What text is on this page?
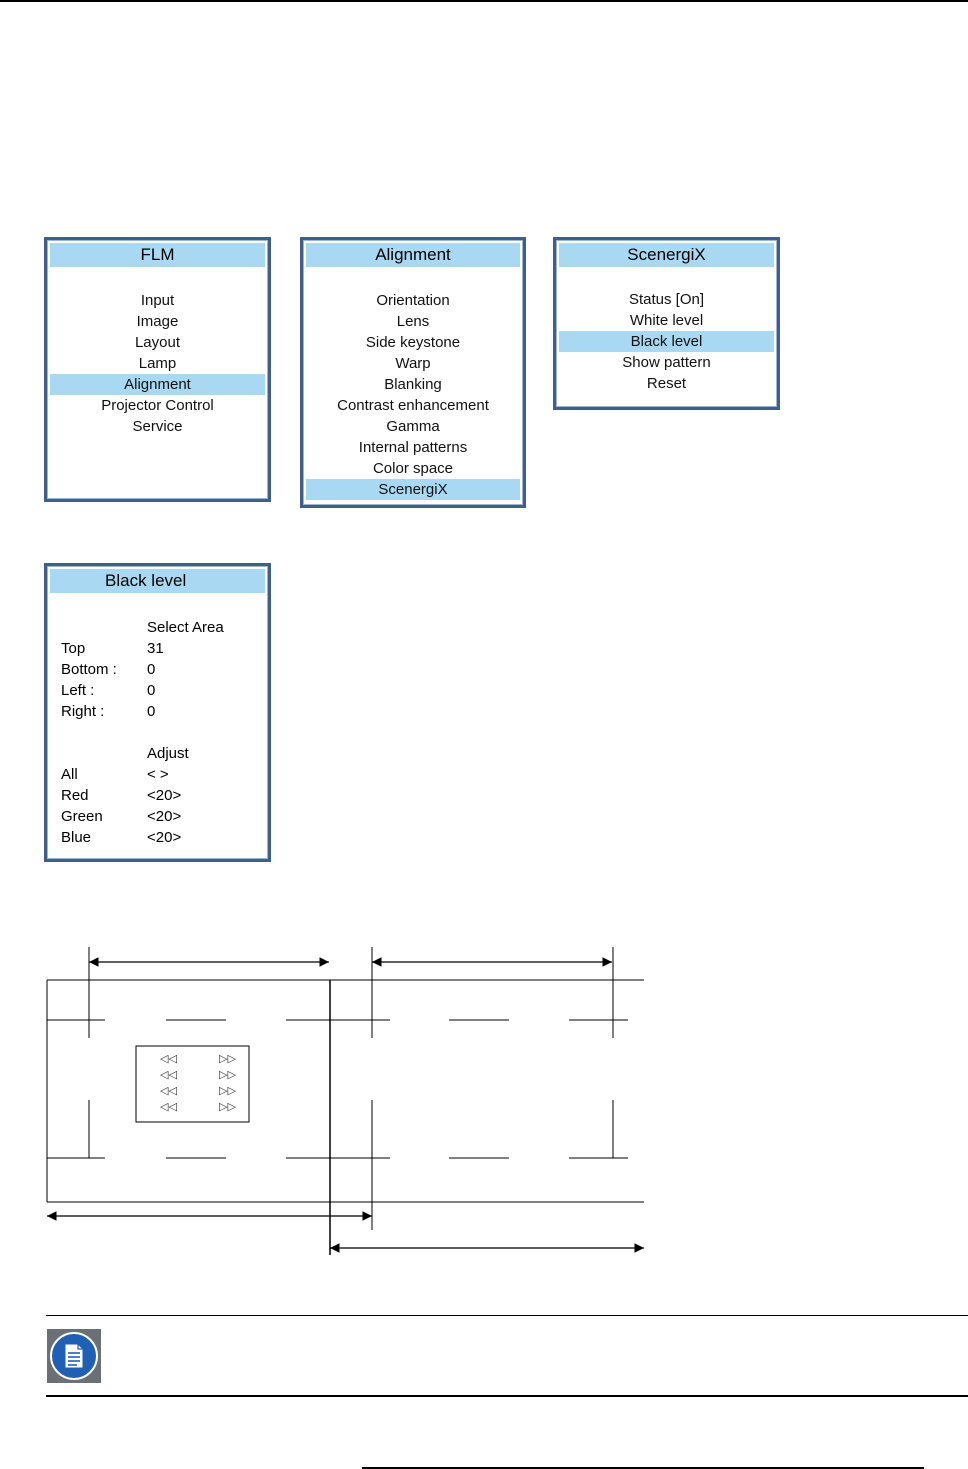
FLM
Input
Image
Layout
Lamp
Alignment
Projector Control
Service
Alignment
Orientation
Lens
Side keystone
Warp
Blanking
Contrast enhancement
Gamma
Internal patterns
Color space
ScenergiX
ScenergiX
Status [On]
White level
Black level
Show pattern
Reset
Black level
Select Area
Top	31
Bottom : 0
Left :	0
Right :	0
Adjust
All	< >
Red	<20>
Green	<20>
Blue	<20>
◁◁
◁◁
◁◁
◁◁
▷▷
▷▷
▷▷
▷▷
